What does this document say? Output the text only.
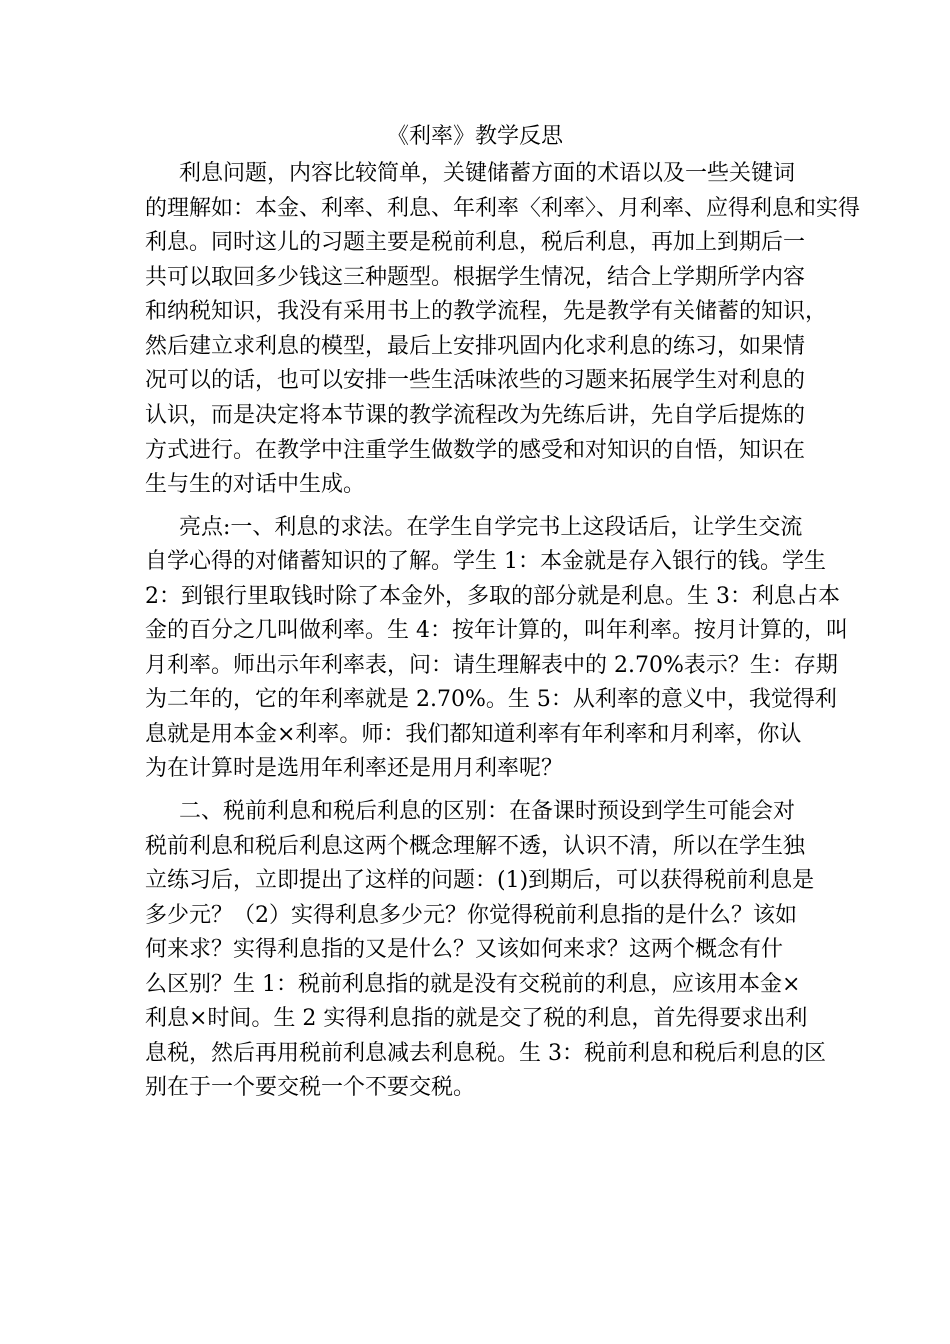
《利率》教学反思
利息问题，内容比较简单，关键储蓄方面的术语以及一些关键词
的理解如：本金、利率、利息、年利率〈利率〉、月利率、应得利息和实得
利息。同时这儿的习题主要是税前利息，税后利息，再加上到期后一
共可以取回多少钱这三种题型。根据学生情况，结合上学期所学内容
和纳税知识，我没有采用书上的教学流程，先是教学有关储蓄的知识，
然后建立求利息的模型，最后上安排巩固内化求利息的练习，如果情
况可以的话，也可以安排一些生活味浓些的习题来拓展学生对利息的
认识，而是决定将本节课的教学流程改为先练后讲，先自学后提炼的
方式进行。在教学中注重学生做数学的感受和对知识的自悟，知识在
生与生的对话中生成。
亮点:一、利息的求法。在学生自学完书上这段话后，让学生交流
自学心得的对储蓄知识的了解。学生 1：本金就是存入银行的钱。学生
2：到银行里取钱时除了本金外，多取的部分就是利息。生 3：利息占本
金的百分之几叫做利率。生 4：按年计算的，叫年利率。按月计算的，叫
月利率。师出示年利率表，问：请生理解表中的 2.70%表示？生：存期
为二年的，它的年利率就是 2.70%。生 5：从利率的意义中，我觉得利
息就是用本金×利率。师：我们都知道利率有年利率和月利率，你认
为在计算时是选用年利率还是用月利率呢？
二、税前利息和税后利息的区别：在备课时预设到学生可能会对
税前利息和税后利息这两个概念理解不透，认识不清，所以在学生独
立练习后，立即提出了这样的问题：(1)到期后，可以获得税前利息是
多少元？（2）实得利息多少元？你觉得税前利息指的是什么？该如
何来求？实得利息指的又是什么？又该如何来求？这两个概念有什
么区别？生 1：税前利息指的就是没有交税前的利息，应该用本金×
利息×时间。生 2 实得利息指的就是交了税的利息，首先得要求出利
息税，然后再用税前利息减去利息税。生 3：税前利息和税后利息的区
别在于一个要交税一个不要交税。
